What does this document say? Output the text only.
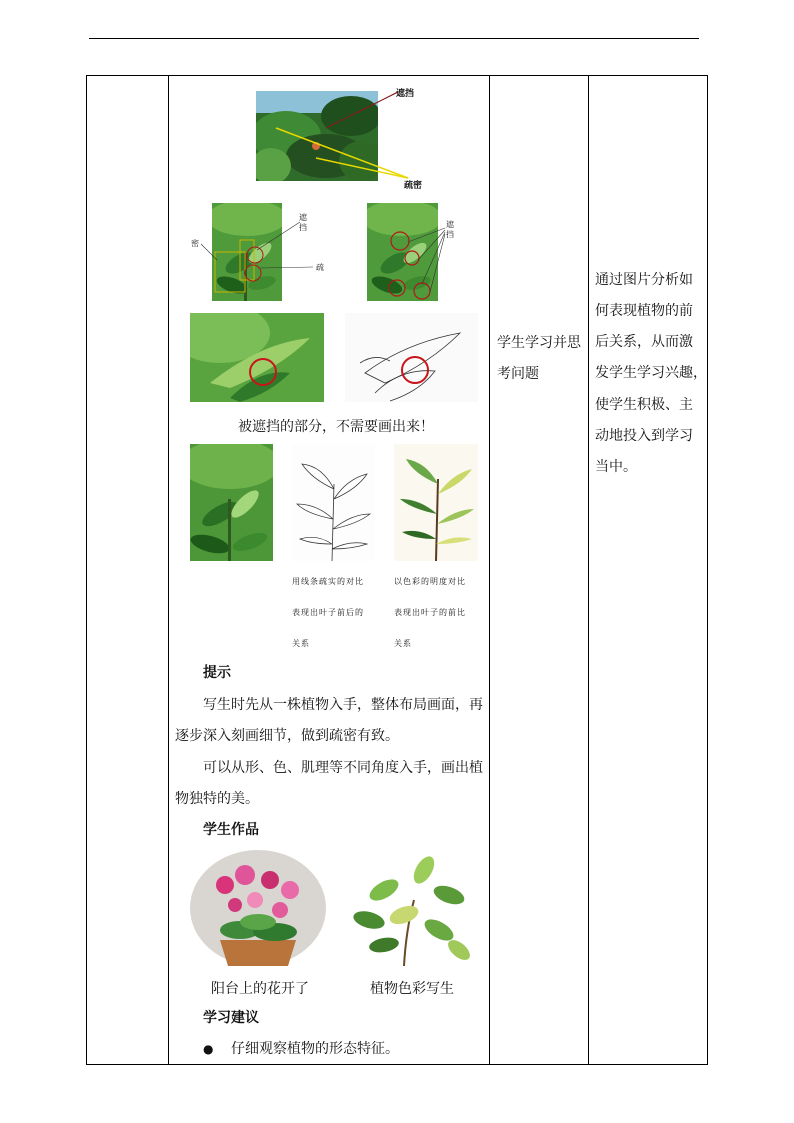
遮挡
疏密
密
遮
挡
疏
遮
挡
被遮挡的部分，不需要画出来！
用线条疏实的对比
表现出叶子前后的
关系
以色彩的明度对比
表现出叶子的前比
关系
提示
写生时先从一株植物入手，整体布局画面，再
逐步深入刻画细节，做到疏密有致。
可以从形、色、肌理等不同角度入手，画出植
物独特的美。
学生作品
阳台上的花开了	植物色彩写生
学习建议
● 仔细观察植物的形态特征。
学生学习并思
考问题
通过图片分析如
何表现植物的前
后关系，从而激
发学生学习兴趣，
使学生积极、主
动地投入到学习
当中。
